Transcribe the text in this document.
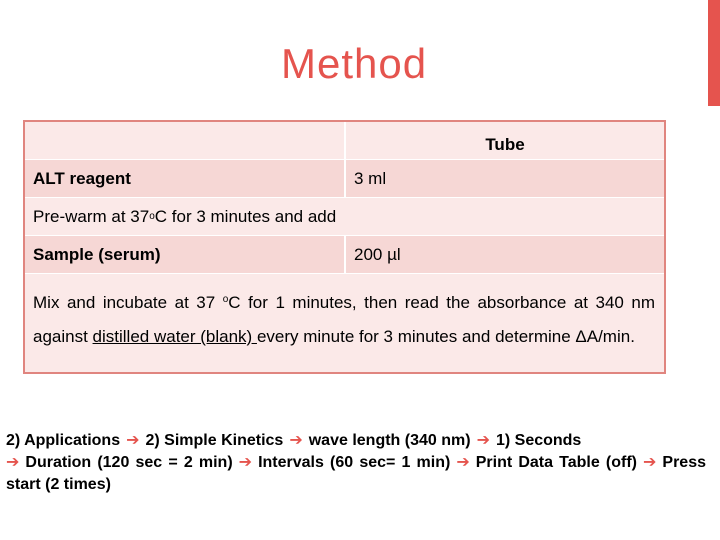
Method
Tube
ALT reagent	3 ml
Pre-warm at 37 o C for 3 minutes and add
Sample (serum)	200 µl
Mix and incubate at 37 $^o$C for 1 minutes, then read the absorbance at 340 nm against distilled water (blank) every minute for 3 minutes and determine ΔA/min.
2) Applications ➔ 2) Simple Kinetics ➔ wave length (340 nm) ➔ 1) Seconds
➔ Duration (120 sec = 2 min) ➔ Intervals (60 sec= 1 min) ➔ Print Data Table (off) ➔ Press start (2 times)
